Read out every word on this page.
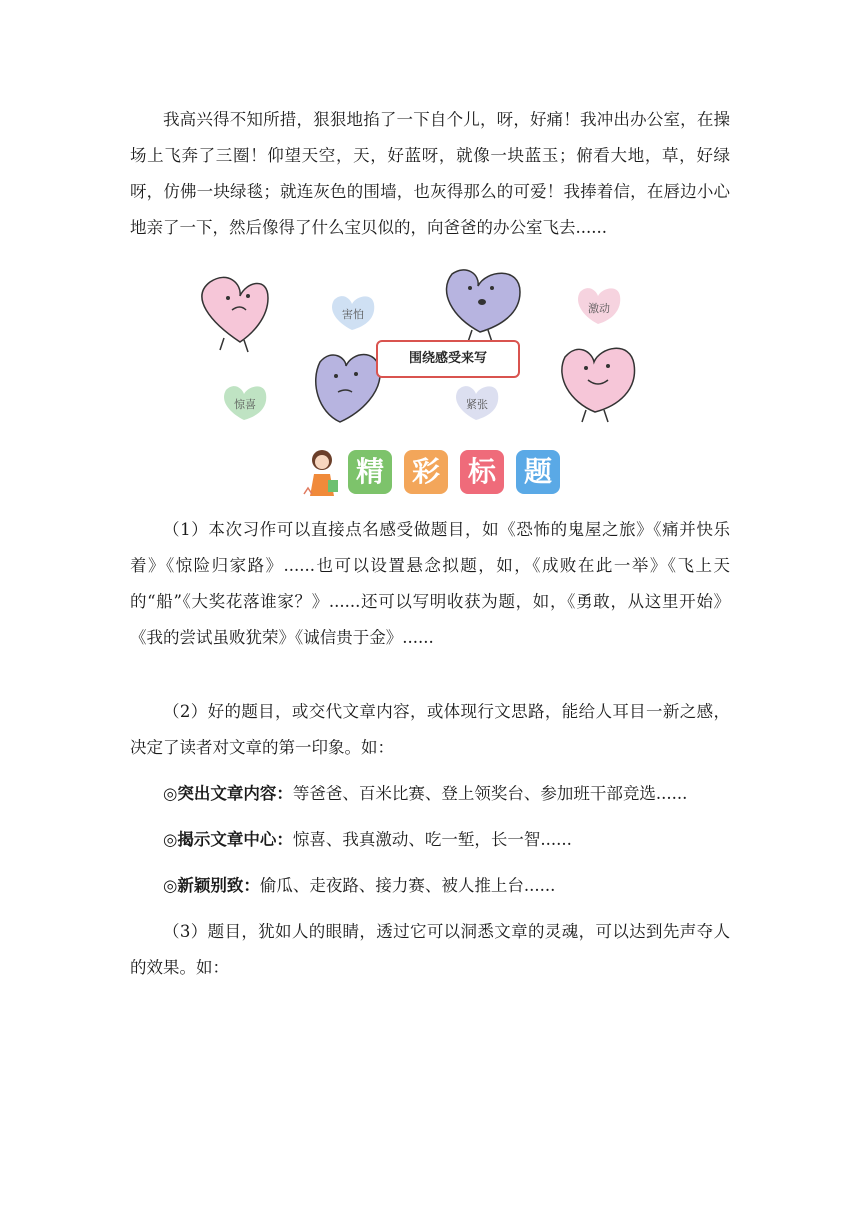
我高兴得不知所措，狠狠地掐了一下自个儿，呀，好痛！我冲出办公室，在操场上飞奔了三圈！仰望天空，天，好蓝呀，就像一块蓝玉；俯看大地，草，好绿呀，仿佛一块绿毯；就连灰色的围墙，也灰得那么的可爱！我捧着信，在唇边小心地亲了一下，然后像得了什么宝贝似的，向爸爸的办公室飞去......

害怕	激动
惊喜	紧张
围绕感受来写
精 彩 标 题

（1）本次习作可以直接点名感受做题目，如《恐怖的鬼屋之旅》《痛并快乐着》《惊险归家路》......也可以设置悬念拟题，如，《成败在此一举》《飞上天的“船”《大奖花落谁家？》......还可以写明收获为题，如，《勇敢，从这里开始》《我的尝试虽败犹荣》《诚信贵于金》......

（2）好的题目，或交代文章内容，或体现行文思路，能给人耳目一新之感，决定了读者对文章的第一印象。如：

◎突出文章内容：等爸爸、百米比赛、登上领奖台、参加班干部竞选......

◎揭示文章中心：惊喜、我真激动、吃一堑，长一智......

◎新颖别致：偷瓜、走夜路、接力赛、被人推上台......

（3）题目，犹如人的眼睛，透过它可以洞悉文章的灵魂，可以达到先声夺人的效果。如：
